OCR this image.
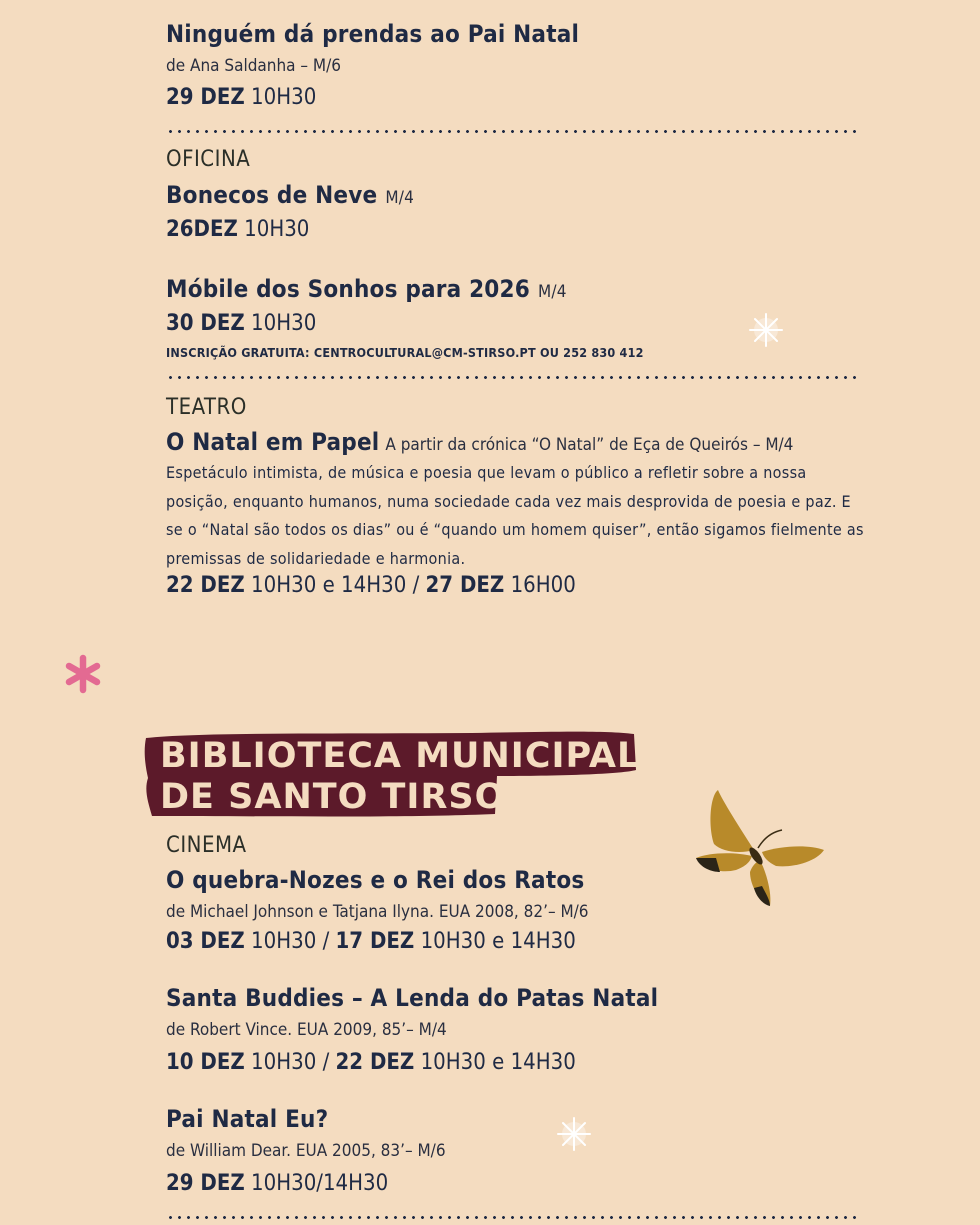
Ninguém dá prendas ao Pai Natal
de Ana Saldanha – M/6
29 DEZ 10H30
OFICINA
Bonecos de Neve M/4
26DEZ 10H30
Móbile dos Sonhos para 2026 M/4
30 DEZ 10H30
INSCRIÇÃO GRATUITA: CENTROCULTURAL@CM-STIRSO.PT OU 252 830 412
TEATRO
O Natal em Papel A partir da crónica “O Natal” de Eça de Queirós – M/4
Espetáculo intimista, de música e poesia que levam o público a refletir sobre a nossa posição, enquanto humanos, numa sociedade cada vez mais desprovida de poesia e paz. E se o “Natal são todos os dias” ou é “quando um homem quiser”, então sigamos fielmente as premissas de solidariedade e harmonia.
22 DEZ 10H30 e 14H30 / 27 DEZ 16H00
BIBLIOTECA MUNICIPAL
DE SANTO TIRSO
CINEMA
O quebra-Nozes e o Rei dos Ratos
de Michael Johnson e Tatjana Ilyna. EUA 2008, 82’– M/6
03 DEZ 10H30 / 17 DEZ 10H30 e 14H30
Santa Buddies – A Lenda do Patas Natal
de Robert Vince. EUA 2009, 85’– M/4
10 DEZ 10H30 / 22 DEZ 10H30 e 14H30
Pai Natal Eu?
de William Dear. EUA 2005, 83’– M/6
29 DEZ 10H30/14H30
